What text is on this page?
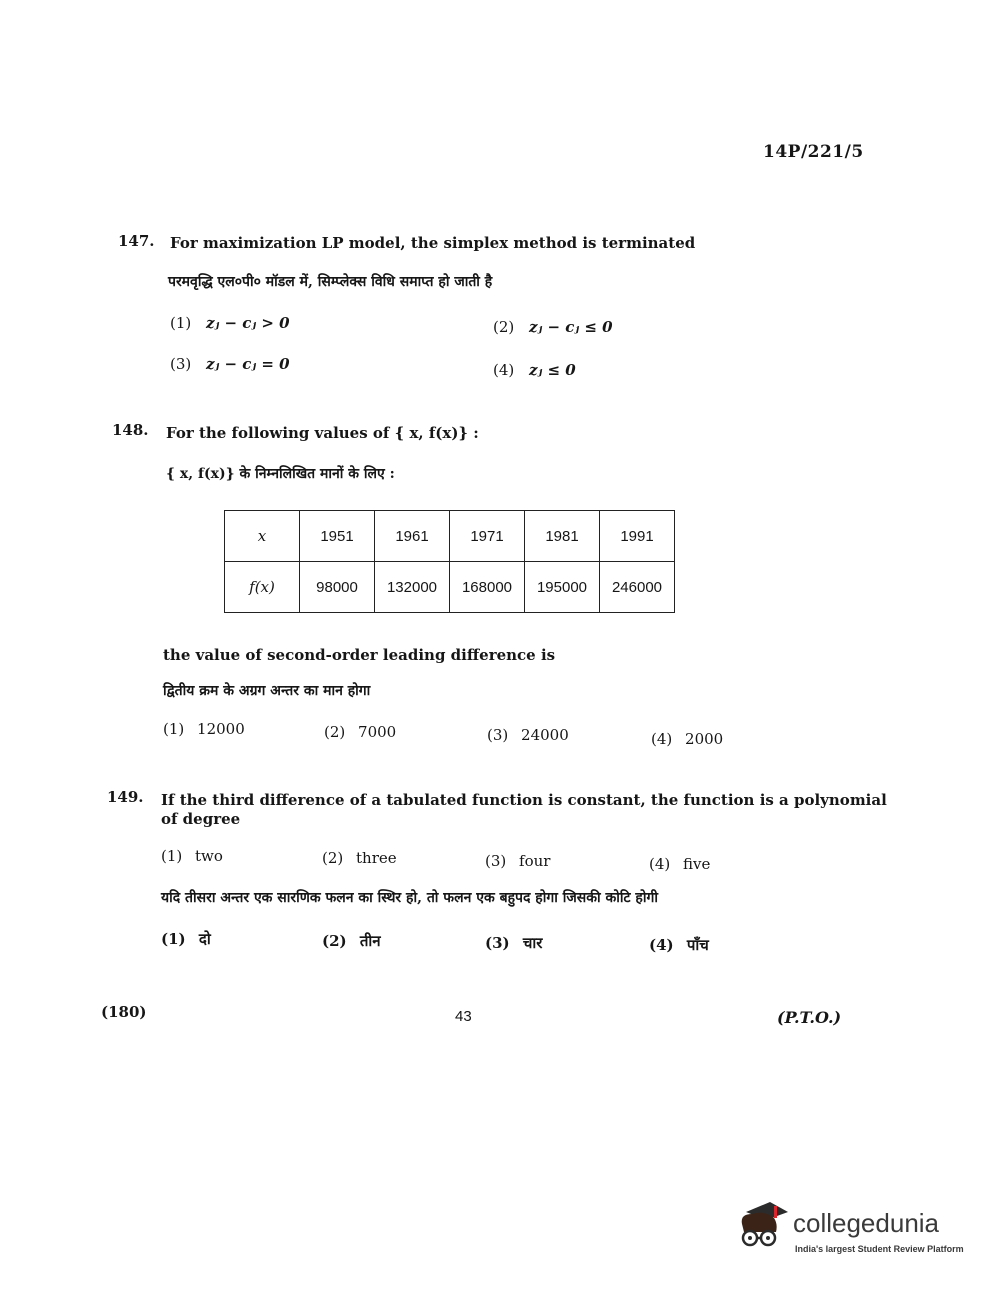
14P/221/5
147. For maximization LP model, the simplex method is terminated
परमवृद्धि एल०पी० मॉडल में, सिम्प्लेक्स विधि समाप्त हो जाती है
(1) zⱼ − cⱼ > 0	(2) zⱼ − cⱼ ≤ 0
(3) zⱼ − cⱼ = 0	(4) zⱼ ≤ 0
148. For the following values of { x, f(x)} :
{ x, f(x)} के निम्नलिखित मानों के लिए :
x	1951	1961	1971	1981	1991
f(x)	98000	132000	168000	195000	246000
the value of second-order leading difference is
द्वितीय क्रम के अग्रग अन्तर का मान होगा
(1) 12000	(2) 7000	(3) 24000	(4) 2000
149. If the third difference of a tabulated function is constant, the function is a polynomial
of degree
(1) two	(2) three	(3) four	(4) five
यदि तीसरा अन्तर एक सारणिक फलन का स्थिर हो, तो फलन एक बहुपद होगा जिसकी कोटि होगी
(1) दो	(2) तीन	(3) चार	(4) पाँच
(180)	43	(P.T.O.)
collegedunia
India's largest Student Review Platform
